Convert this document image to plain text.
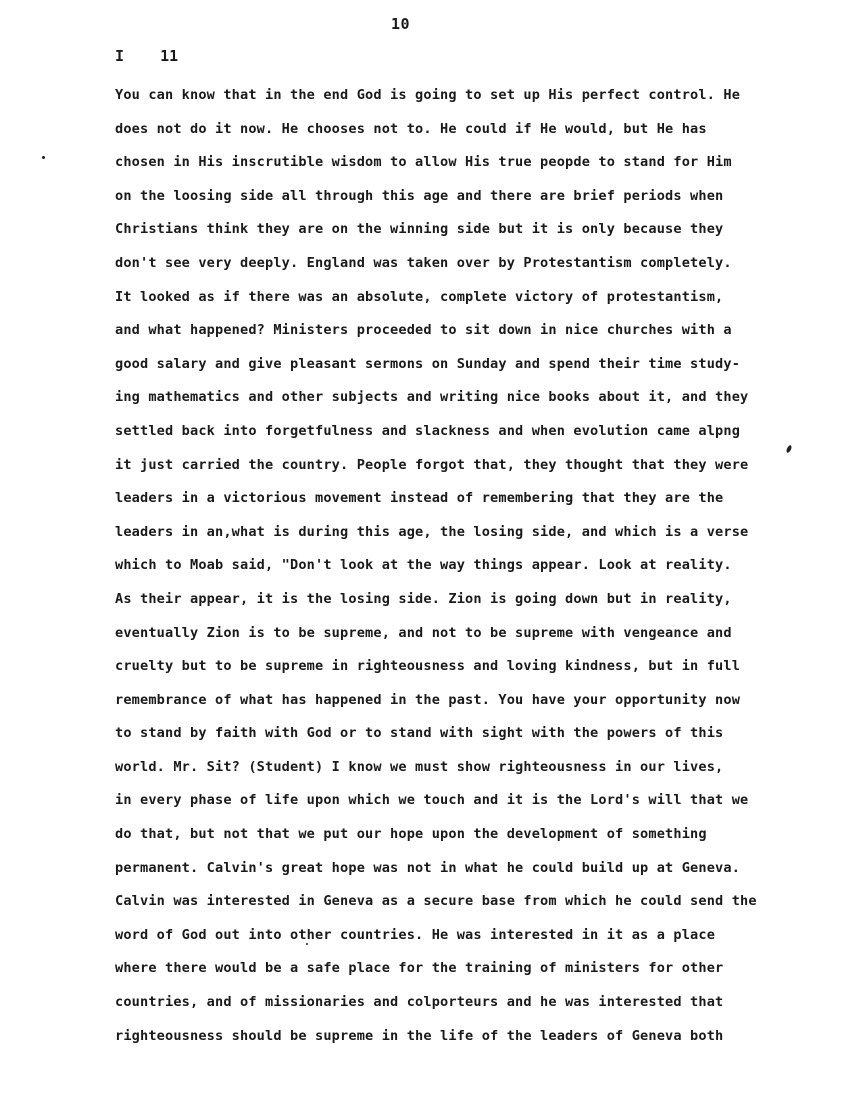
10
I    11
You can know that in the end God is going to set up His perfect control. He
does not do it now. He chooses not to. He could if He would, but He has
chosen in His inscrutible wisdom to allow His true peopde to stand for Him
on the loosing side all through this age and there are brief periods when
Christians think they are on the winning side but it is only because they
don't see very deeply. England was taken over by Protestantism completely.
It looked as if there was an absolute, complete victory of protestantism,
and what happened? Ministers proceeded to sit down in nice churches with a
good salary and give pleasant sermons on Sunday and spend their time study-
ing mathematics and other subjects and writing nice books about it, and they
settled back into forgetfulness and slackness and when evolution came alpng
it just carried the country. People forgot that, they thought that they were
leaders in a victorious movement instead of remembering that they are the
leaders in an,what is during this age, the losing side, and which is a verse
which to Moab said, "Don't look at the way things appear. Look at reality.
As their appear, it is the losing side. Zion is going down but in reality,
eventually Zion is to be supreme, and not to be supreme with vengeance and
cruelty but to be supreme in righteousness and loving kindness, but in full
remembrance of what has happened in the past. You have your opportunity now
to stand by faith with God or to stand with sight with the powers of this
world. Mr. Sit? (Student) I know we must show righteousness in our lives,
in every phase of life upon which we touch and it is the Lord's will that we
do that, but not that we put our hope upon the development of something
permanent. Calvin's great hope was not in what he could build up at Geneva.
Calvin was interested in Geneva as a secure base from which he could send the
word of God out into other countries. He was interested in it as a place
where there would be a safe place for the training of ministers for other
countries, and of missionaries and colporteurs and he was interested that
righteousness should be supreme in the life of the leaders of Geneva both
